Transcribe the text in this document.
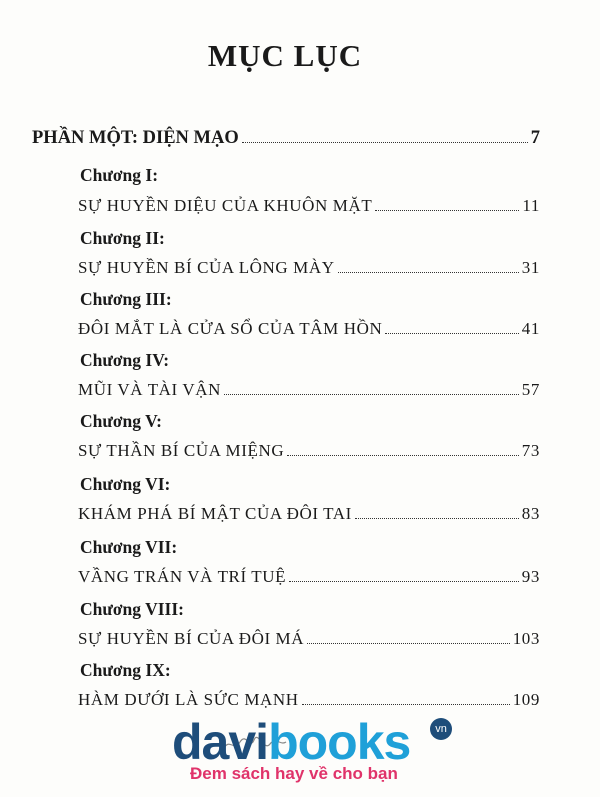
MỤC LỤC
PHẦN MỘT: DIỆN MẠO	7
Chương I:
SỰ HUYỀN DIỆU CỦA KHUÔN MẶT	11
Chương II:
SỰ HUYỀN BÍ CỦA LÔNG MÀY	31
Chương III:
ĐÔI MẮT LÀ CỬA SỔ CỦA TÂM HỒN	41
Chương IV:
MŨI VÀ TÀI VẬN	57
Chương V:
SỰ THẦN BÍ CỦA MIỆNG	73
Chương VI:
KHÁM PHÁ BÍ MẬT CỦA ĐÔI TAI	83
Chương VII:
VẦNG TRÁN VÀ TRÍ TUỆ	93
Chương VIII:
SỰ HUYỀN BÍ CỦA ĐÔI MÁ	103
Chương IX:
HÀM DƯỚI LÀ SỨC MẠNH	109
davibooks	vn
Đem sách hay về cho bạn
